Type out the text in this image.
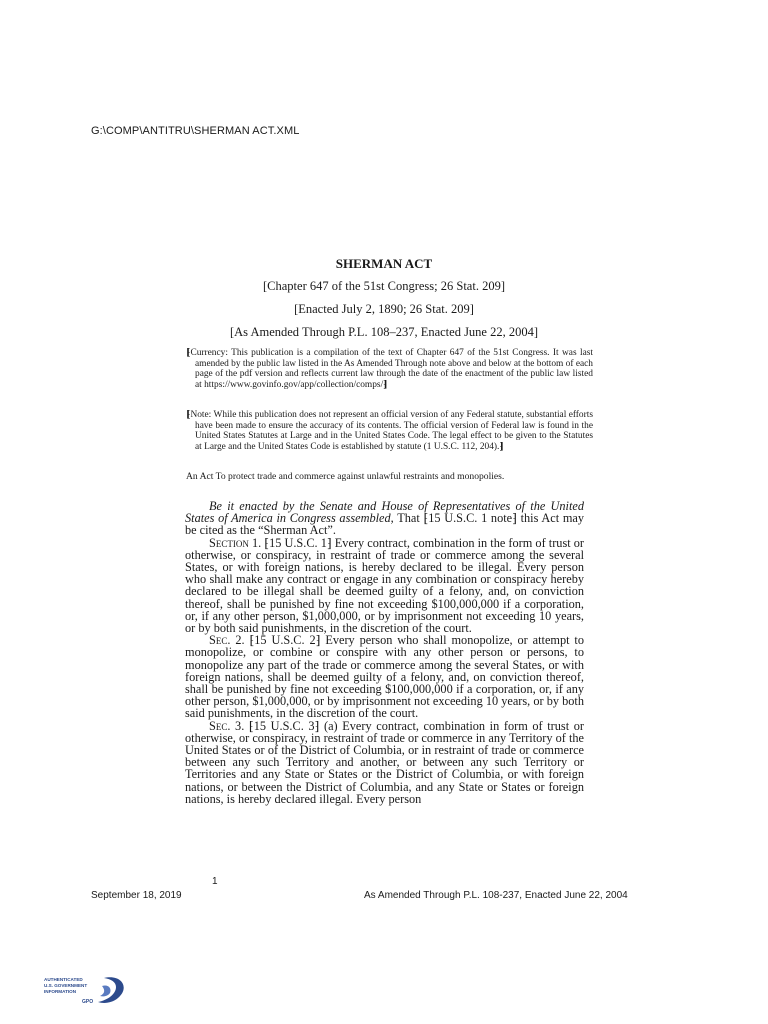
G:\COMP\ANTITRU\SHERMAN ACT.XML
SHERMAN ACT
[Chapter 647 of the 51st Congress; 26 Stat. 209]
[Enacted July 2, 1890; 26 Stat. 209]
[As Amended Through P.L. 108–237, Enacted June 22, 2004]
⁅Currency: This publication is a compilation of the text of Chapter 647 of the 51st Congress. It was last amended by the public law listed in the As Amended Through note above and below at the bottom of each page of the pdf version and reflects current law through the date of the enactment of the public law listed at https://www.govinfo.gov/app/collection/comps/⁆
⁅Note: While this publication does not represent an official version of any Federal statute, substantial efforts have been made to ensure the accuracy of its contents. The official version of Federal law is found in the United States Statutes at Large and in the United States Code. The legal effect to be given to the Statutes at Large and the United States Code is established by statute (1 U.S.C. 112, 204).⁆
An Act To protect trade and commerce against unlawful restraints and monopolies.

Be it enacted by the Senate and House of Representatives of the United States of America in Congress assembled, That ⁅15 U.S.C. 1 note⁆ this Act may be cited as the “Sherman Act”.

Section 1. ⁅15 U.S.C. 1⁆ Every contract, combination in the form of trust or otherwise, or conspiracy, in restraint of trade or commerce among the several States, or with foreign nations, is hereby declared to be illegal. Every person who shall make any contract or engage in any combination or conspiracy hereby declared to be illegal shall be deemed guilty of a felony, and, on conviction thereof, shall be punished by fine not exceeding $100,000,000 if a corporation, or, if any other person, $1,000,000, or by imprisonment not exceeding 10 years, or by both said punishments, in the discretion of the court.

Sec. 2. ⁅15 U.S.C. 2⁆ Every person who shall monopolize, or attempt to monopolize, or combine or conspire with any other person or persons, to monopolize any part of the trade or commerce among the several States, or with foreign nations, shall be deemed guilty of a felony, and, on conviction thereof, shall be punished by fine not exceeding $100,000,000 if a corporation, or, if any other person, $1,000,000, or by imprisonment not exceeding 10 years, or by both said punishments, in the discretion of the court.

Sec. 3. ⁅15 U.S.C. 3⁆ (a) Every contract, combination in form of trust or otherwise, or conspiracy, in restraint of trade or commerce in any Territory of the United States or of the District of Columbia, or in restraint of trade or commerce between any such Territory and another, or between any such Territory or Territories and any State or States or the District of Columbia, or with foreign nations, or between the District of Columbia, and any State or States or foreign nations, is hereby declared illegal. Every person

1
September 18, 2019	As Amended Through P.L. 108-237, Enacted June 22, 2004
AUTHENTICATED
U.S. GOVERNMENT
INFORMATION
GPO
